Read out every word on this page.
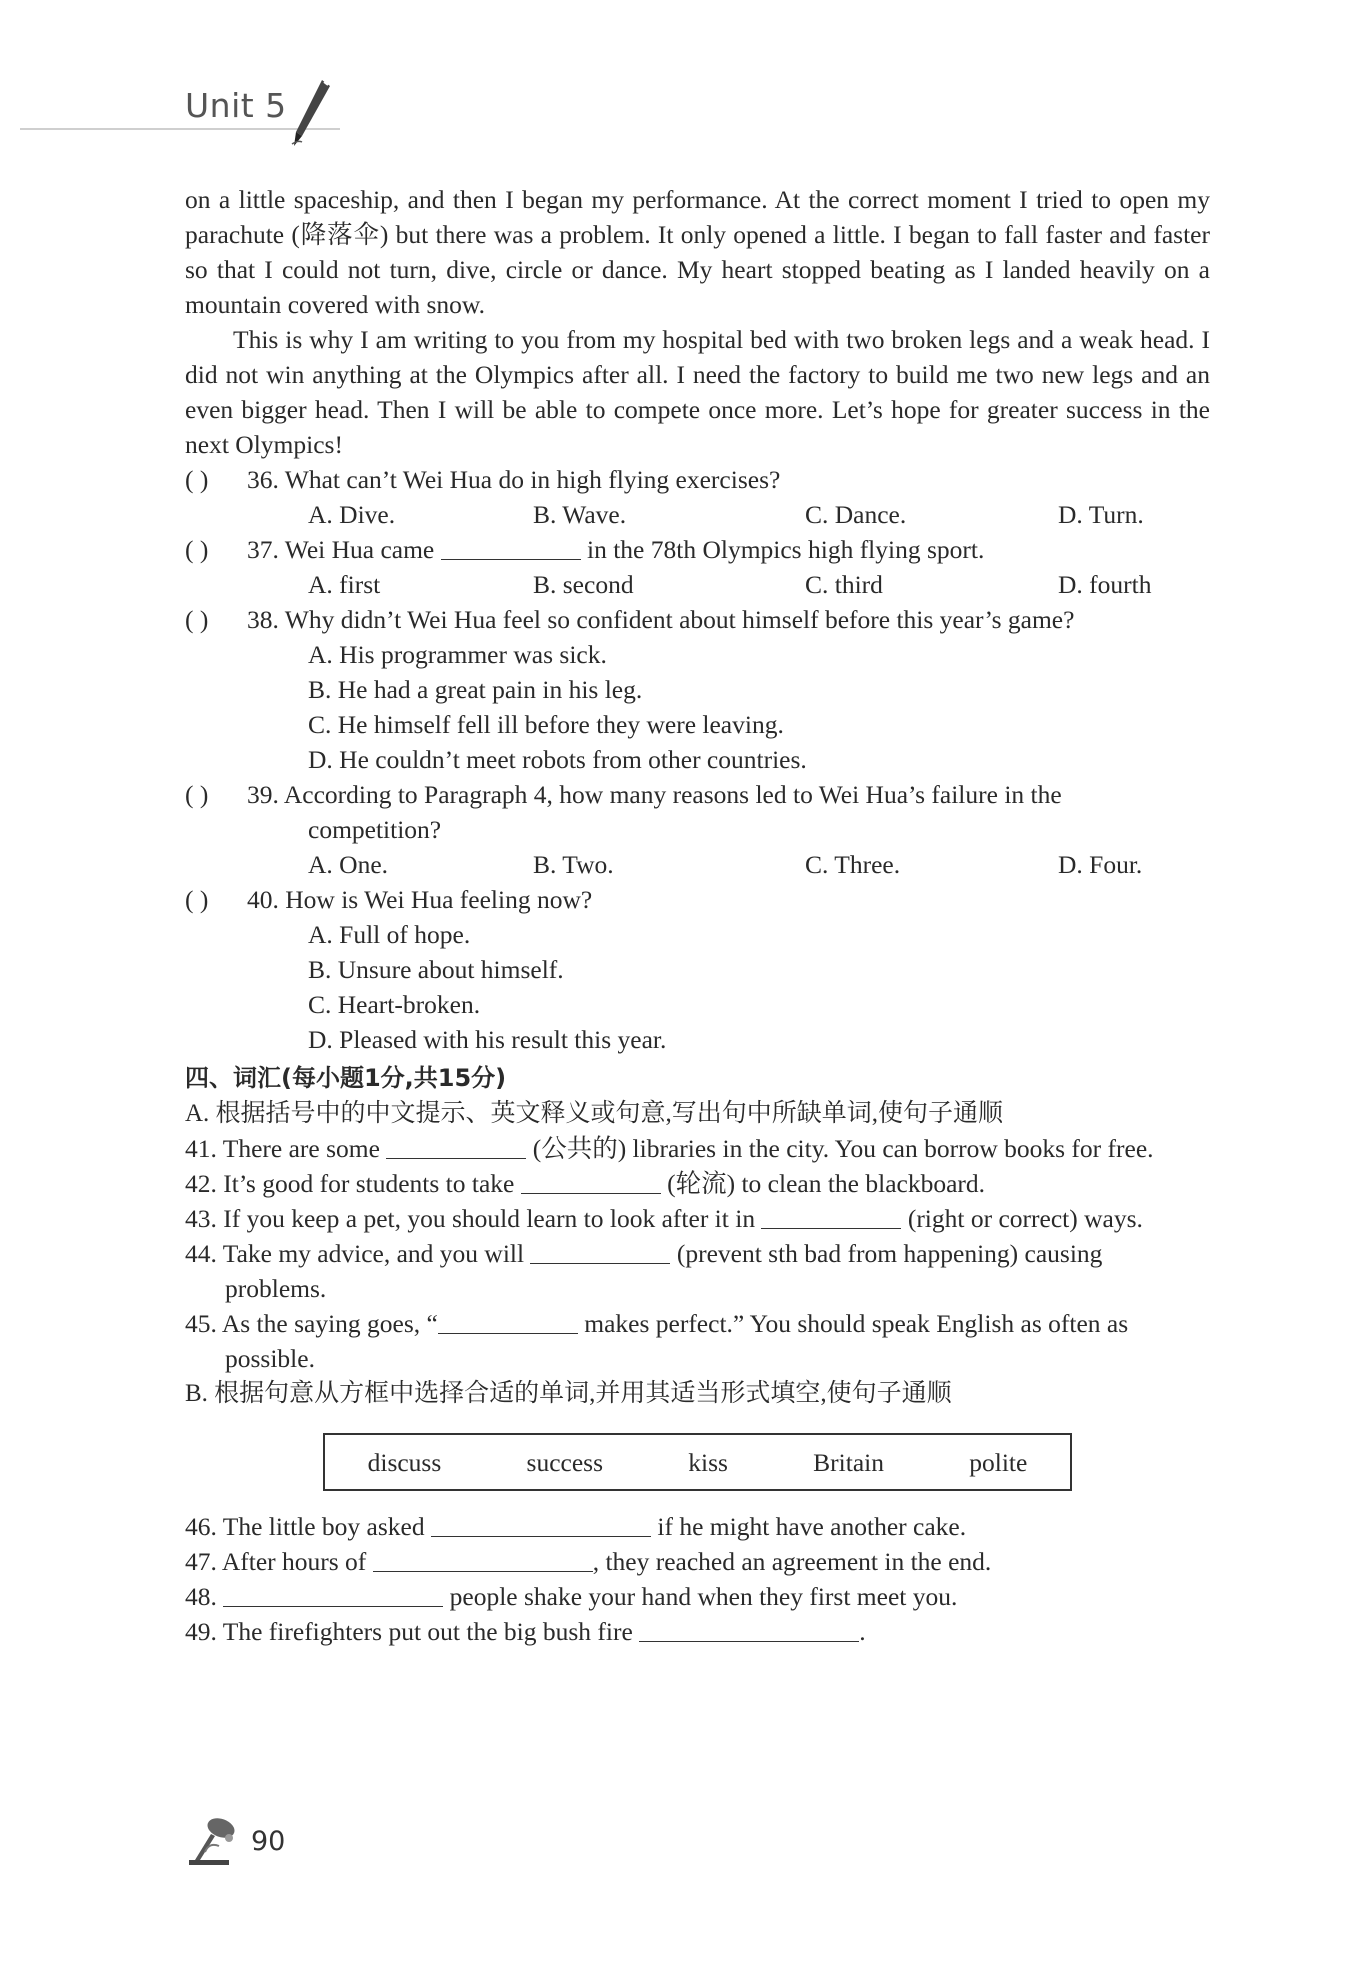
Unit 5

on a little spaceship, and then I began my performance. At the correct moment I tried to open my parachute (降落伞) but there was a problem. It only opened a little. I began to fall faster and faster so that I could not turn, dive, circle or dance. My heart stopped beating as I landed heavily on a mountain covered with snow.

This is why I am writing to you from my hospital bed with two broken legs and a weak head. I did not win anything at the Olympics after all. I need the factory to build me two new legs and an even bigger head. Then I will be able to compete once more. Let’s hope for greater success in the next Olympics!

( )	36. What can’t Wei Hua do in high flying exercises?
A. Dive.	B. Wave.	C. Dance.	D. Turn.
( )	37. Wei Hua came	in the 78th Olympics high flying sport.
A. first	B. second	C. third	D. fourth
( )	38. Why didn’t Wei Hua feel so confident about himself before this year’s game?
A. His programmer was sick.
B. He had a great pain in his leg.
C. He himself fell ill before they were leaving.
D. He couldn’t meet robots from other countries.
( )	39. According to Paragraph 4, how many reasons led to Wei Hua’s failure in the
competition?
A. One.	B. Two.	C. Three.	D. Four.
( )	40. How is Wei Hua feeling now?
A. Full of hope.
B. Unsure about himself.
C. Heart-broken.
D. Pleased with his result this year.
四、词汇(每小题1分,共15分)
A. 根据括号中的中文提示、英文释义或句意,写出句中所缺单词,使句子通顺
41. There are some	(公共的) libraries in the city. You can borrow books for free.
42. It’s good for students to take	(轮流) to clean the blackboard.
43. If you keep a pet, you should learn to look after it in	(right or correct) ways.
44. Take my advice, and you will	(prevent sth bad from happening) causing problems.
45. As the saying goes, “	makes perfect.” You should speak English as often as possible.
B. 根据句意从方框中选择合适的单词,并用其适当形式填空,使句子通顺
discuss	success	kiss	Britain	polite
46. The little boy asked	if he might have another cake.
47. After hours of	, they reached an agreement in the end.
48.	people shake your hand when they first meet you.
49. The firefighters put out the big bush fire	.
90
